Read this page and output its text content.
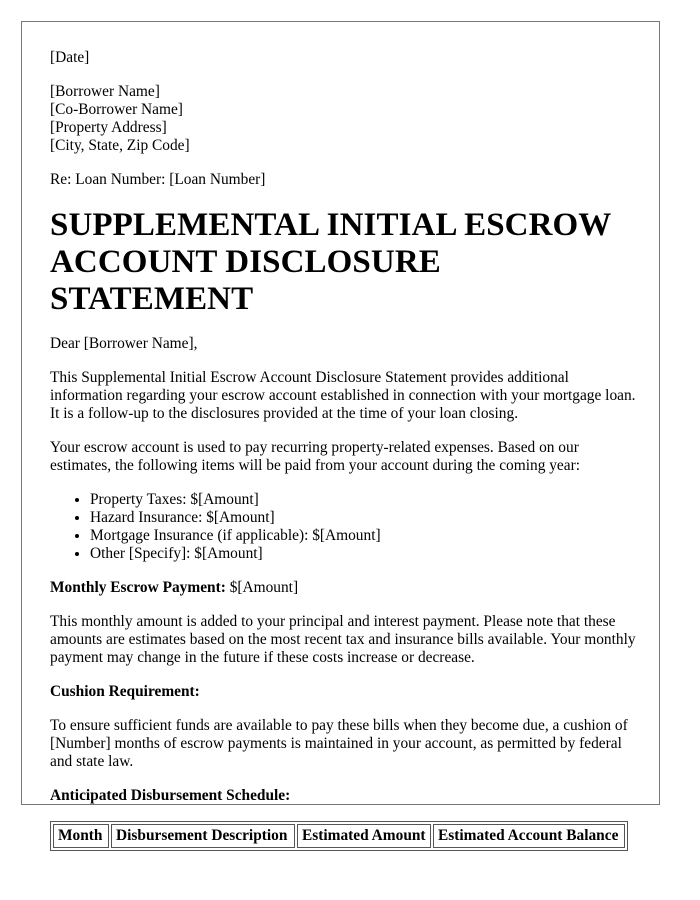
[Date]

[Borrower Name]
[Co-Borrower Name]
[Property Address]
[City, State, Zip Code]

Re: Loan Number: [Loan Number]

SUPPLEMENTAL INITIAL ESCROW ACCOUNT DISCLOSURE STATEMENT

Dear [Borrower Name],

This Supplemental Initial Escrow Account Disclosure Statement provides additional information regarding your escrow account established in connection with your mortgage loan. It is a follow-up to the disclosures provided at the time of your loan closing.

Your escrow account is used to pay recurring property-related expenses. Based on our estimates, the following items will be paid from your account during the coming year:

• Property Taxes: $[Amount]
• Hazard Insurance: $[Amount]
• Mortgage Insurance (if applicable): $[Amount]
• Other [Specify]: $[Amount]

Monthly Escrow Payment: $[Amount]

This monthly amount is added to your principal and interest payment. Please note that these amounts are estimates based on the most recent tax and insurance bills available. Your monthly payment may change in the future if these costs increase or decrease.

Cushion Requirement:

To ensure sufficient funds are available to pay these bills when they become due, a cushion of [Number] months of escrow payments is maintained in your account, as permitted by federal and state law.

Anticipated Disbursement Schedule:

Month	Disbursement Description	Estimated Amount	Estimated Account Balance
